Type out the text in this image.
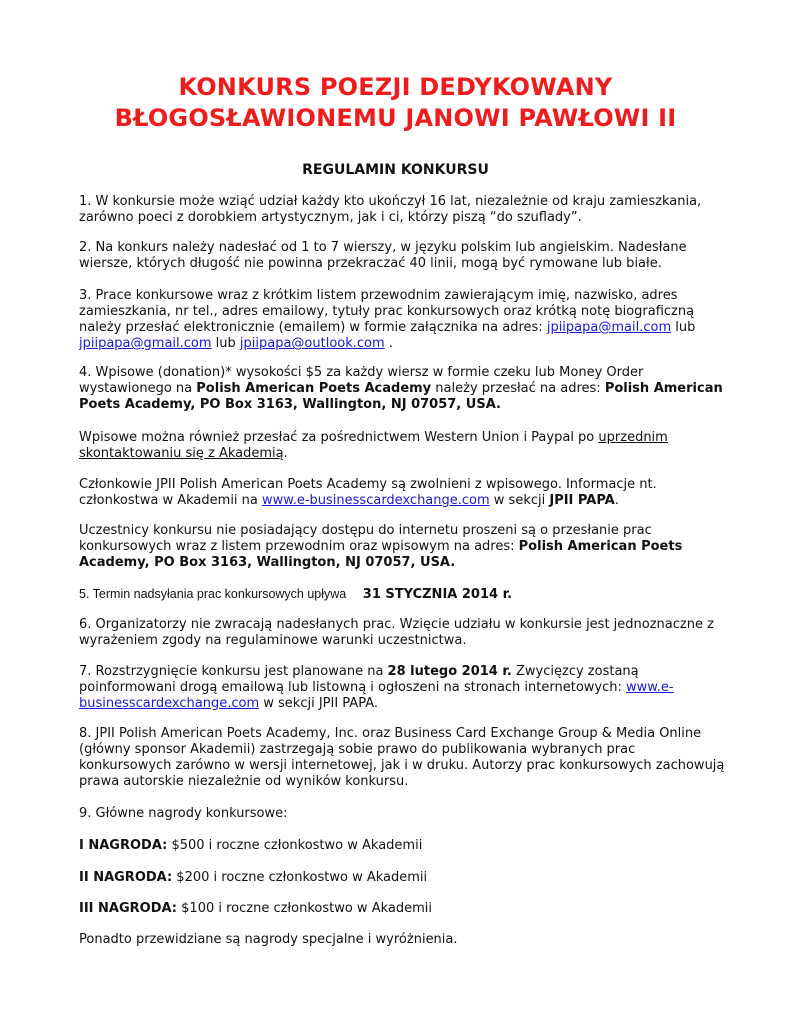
KONKURS POEZJI DEDYKOWANY
BŁOGOSŁAWIONEMU JANOWI PAWŁOWI II
REGULAMIN KONKURSU

1. W konkursie może wziąć udział każdy kto ukończył 16 lat, niezależnie od kraju zamieszkania, zarówno poeci z dorobkiem artystycznym, jak i ci, którzy piszą “do szuflady”.

2. Na konkurs należy nadesłać od 1 to 7 wierszy, w języku polskim lub angielskim. Nadesłane wiersze, których długość nie powinna przekraczać 40 linii, mogą być rymowane lub białe.

3. Prace konkursowe wraz z krótkim listem przewodnim zawierającym imię, nazwisko, adres zamieszkania, nr tel., adres emailowy, tytuły prac konkursowych oraz krótką notę biograficzną należy przesłać elektronicznie (emailem) w formie załącznika na adres: jpiipapa@mail.com lub jpiipapa@gmail.com lub jpiipapa@outlook.com .

4. Wpisowe (donation)* wysokości $5 za każdy wiersz w formie czeku lub Money Order wystawionego na Polish American Poets Academy należy przesłać na adres: Polish American Poets Academy, PO Box 3163, Wallington, NJ 07057, USA.

Wpisowe można również przesłać za pośrednictwem Western Union i Paypal po uprzednim skontaktowaniu się z Akademią.

Członkowie JPII Polish American Poets Academy są zwolnieni z wpisowego. Informacje nt. członkostwa w Akademii na www.e-businesscardexchange.com w sekcji JPII PAPA.

Uczestnicy konkursu nie posiadający dostępu do internetu proszeni są o przesłanie prac konkursowych wraz z listem przewodnim oraz wpisowym na adres: Polish American Poets Academy, PO Box 3163, Wallington, NJ 07057, USA.

5. Termin nadsyłania prac konkursowych upływa 31 STYCZNIA 2014 r.

6. Organizatorzy nie zwracają nadesłanych prac. Wzięcie udziału w konkursie jest jednoznaczne z wyrażeniem zgody na regulaminowe warunki uczestnictwa.

7. Rozstrzygnięcie konkursu jest planowane na 28 lutego 2014 r. Zwycięzcy zostaną poinformowani drogą emailową lub listowną i ogłoszeni na stronach internetowych: www.e-businesscardexchange.com w sekcji JPII PAPA.

8. JPII Polish American Poets Academy, Inc. oraz Business Card Exchange Group & Media Online (główny sponsor Akademii) zastrzegają sobie prawo do publikowania wybranych prac konkursowych zarówno w wersji internetowej, jak i w druku. Autorzy prac konkursowych zachowują prawa autorskie niezależnie od wyników konkursu.

9. Główne nagrody konkursowe:

I NAGRODA: $500 i roczne członkostwo w Akademii

II NAGRODA: $200 i roczne członkostwo w Akademii

III NAGRODA: $100 i roczne członkostwo w Akademii

Ponadto przewidziane są nagrody specjalne i wyróżnienia.
